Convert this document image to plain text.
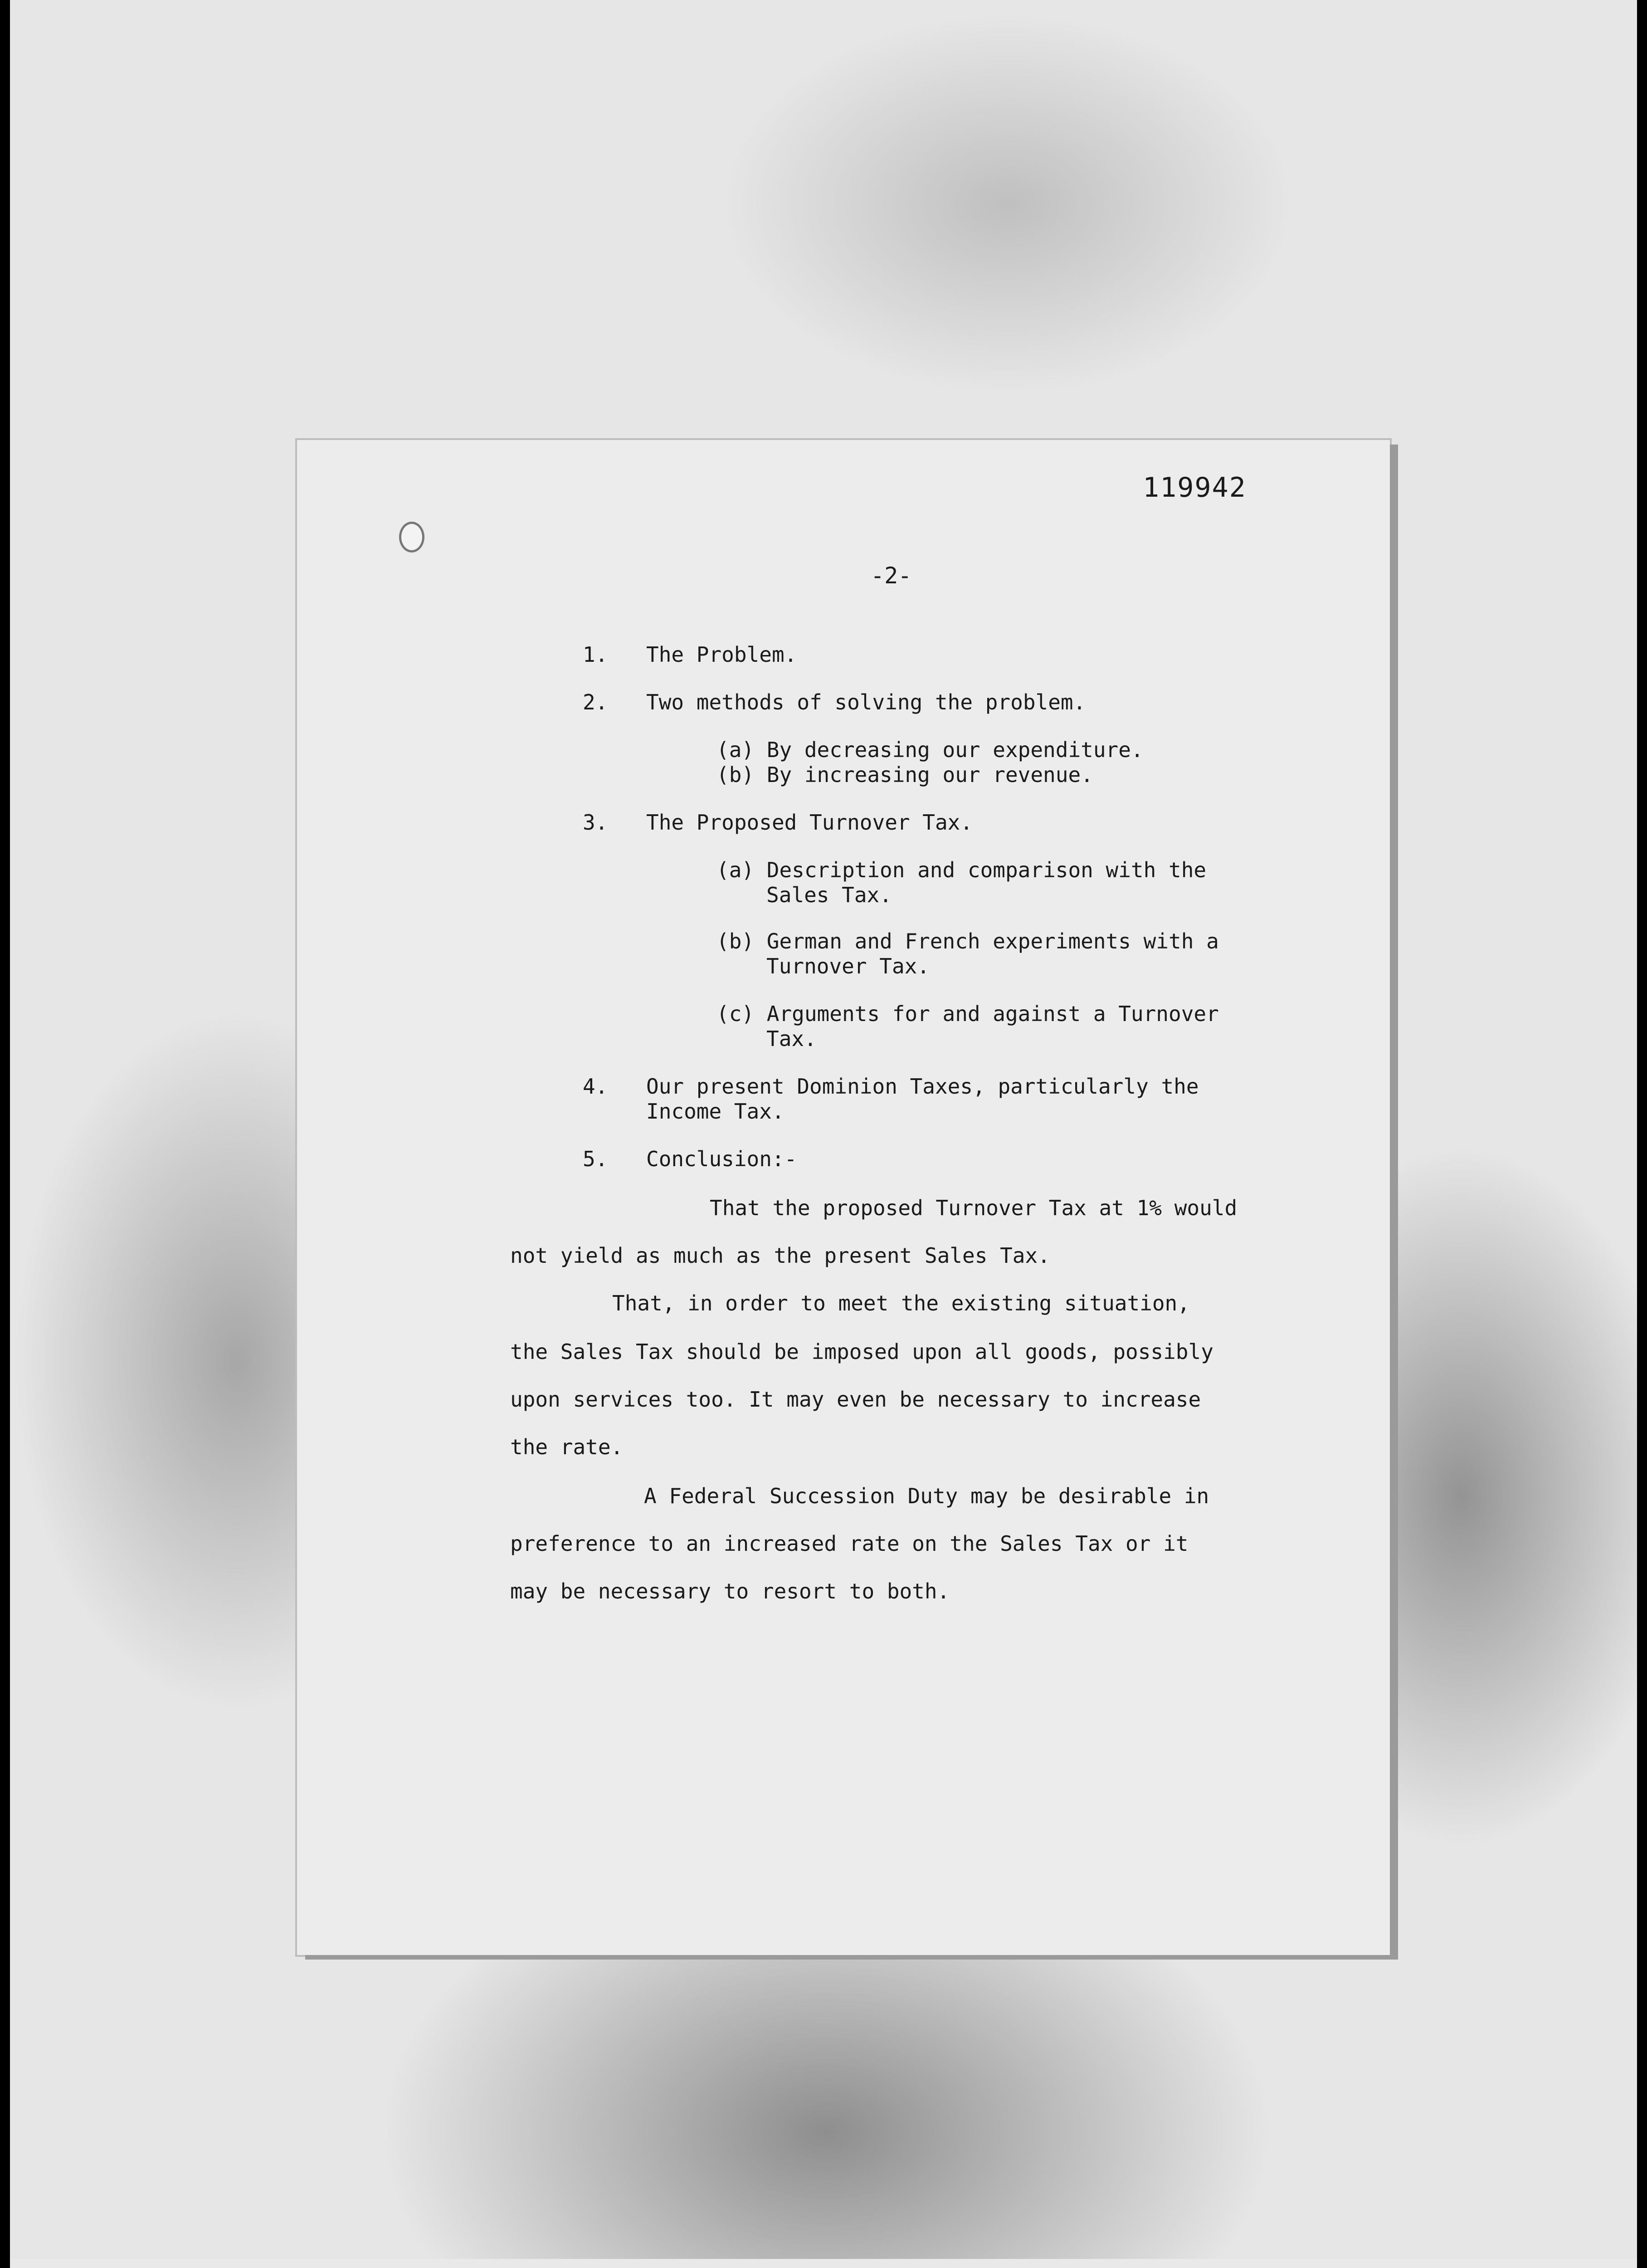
119942
-2-
1. The Problem.
2. Two methods of solving the problem.
(a) By decreasing our expenditure.
(b) By increasing our revenue.
3. The Proposed Turnover Tax.
(a) Description and comparison with the
Sales Tax.
(b) German and French experiments with a
Turnover Tax.
(c) Arguments for and against a Turnover
Tax.
4. Our present Dominion Taxes, particularly the
Income Tax.
5. Conclusion:-
That the proposed Turnover Tax at 1% would
not yield as much as the present Sales Tax.
That, in order to meet the existing situation,
the Sales Tax should be imposed upon all goods, possibly
upon services too. It may even be necessary to increase
the rate.
A Federal Succession Duty may be desirable in
preference to an increased rate on the Sales Tax or it
may be necessary to resort to both.
